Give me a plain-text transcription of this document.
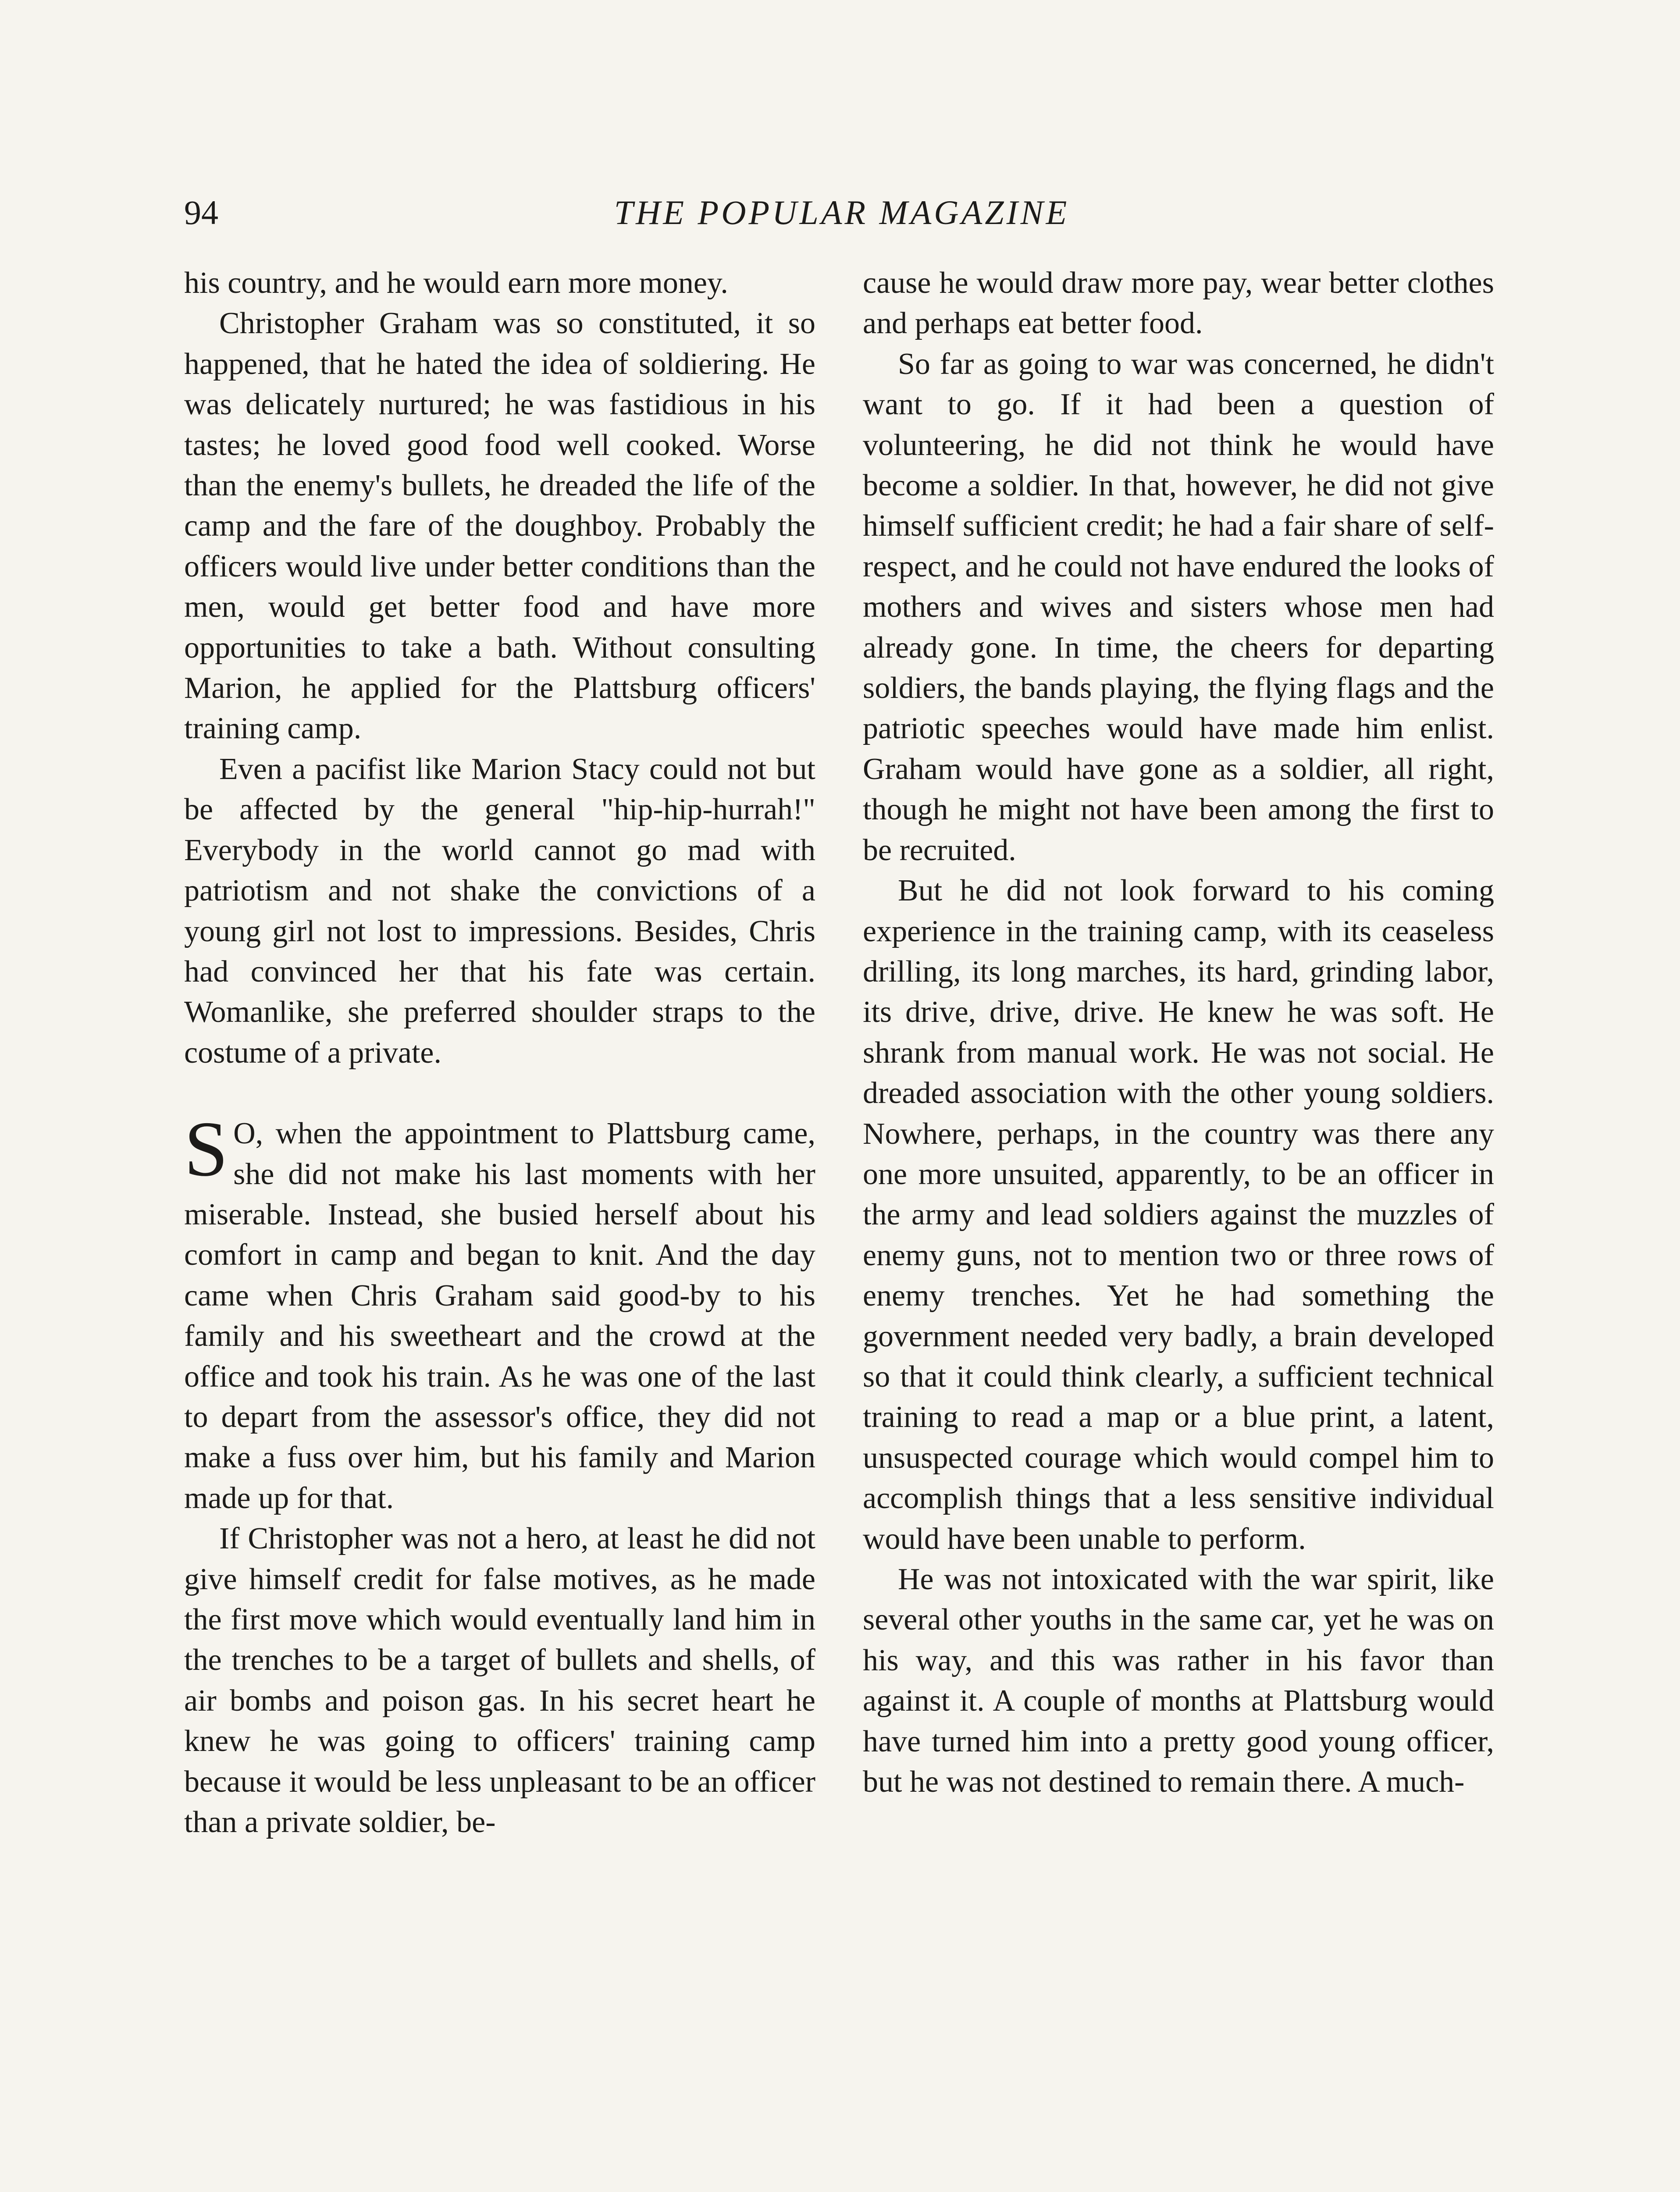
94	THE POPULAR MAGAZINE

his country, and he would earn more money.

Christopher Graham was so constituted, it so happened, that he hated the idea of soldiering. He was delicately nurtured; he was fastidious in his tastes; he loved good food well cooked. Worse than the enemy's bullets, he dreaded the life of the camp and the fare of the doughboy. Probably the officers would live under better conditions than the men, would get better food and have more opportunities to take a bath. Without consulting Marion, he applied for the Plattsburg officers' training camp.

Even a pacifist like Marion Stacy could not but be affected by the general "hip-hip-hurrah!" Everybody in the world cannot go mad with patriotism and not shake the convictions of a young girl not lost to impressions. Besides, Chris had convinced her that his fate was certain. Womanlike, she preferred shoulder straps to the costume of a private.

S O, when the appointment to Plattsburg came, she did not make his last moments with her miserable. Instead, she busied herself about his comfort in camp and began to knit. And the day came when Chris Graham said good-by to his family and his sweetheart and the crowd at the office and took his train. As he was one of the last to depart from the assessor's office, they did not make a fuss over him, but his family and Marion made up for that.

If Christopher was not a hero, at least he did not give himself credit for false motives, as he made the first move which would eventually land him in the trenches to be a target of bullets and shells, of air bombs and poison gas. In his secret heart he knew he was going to officers' training camp because it would be less unpleasant to be an officer than a private soldier, be-

cause he would draw more pay, wear better clothes and perhaps eat better food.

So far as going to war was concerned, he didn't want to go. If it had been a question of volunteering, he did not think he would have become a soldier. In that, however, he did not give himself sufficient credit; he had a fair share of self-respect, and he could not have endured the looks of mothers and wives and sisters whose men had already gone. In time, the cheers for departing soldiers, the bands playing, the flying flags and the patriotic speeches would have made him enlist. Graham would have gone as a soldier, all right, though he might not have been among the first to be recruited.

But he did not look forward to his coming experience in the training camp, with its ceaseless drilling, its long marches, its hard, grinding labor, its drive, drive, drive. He knew he was soft. He shrank from manual work. He was not social. He dreaded association with the other young soldiers. Nowhere, perhaps, in the country was there any one more unsuited, apparently, to be an officer in the army and lead soldiers against the muzzles of enemy guns, not to mention two or three rows of enemy trenches. Yet he had something the government needed very badly, a brain developed so that it could think clearly, a sufficient technical training to read a map or a blue print, a latent, unsuspected courage which would compel him to accomplish things that a less sensitive individual would have been unable to perform.

He was not intoxicated with the war spirit, like several other youths in the same car, yet he was on his way, and this was rather in his favor than against it. A couple of months at Plattsburg would have turned him into a pretty good young officer, but he was not destined to remain there. A much-
